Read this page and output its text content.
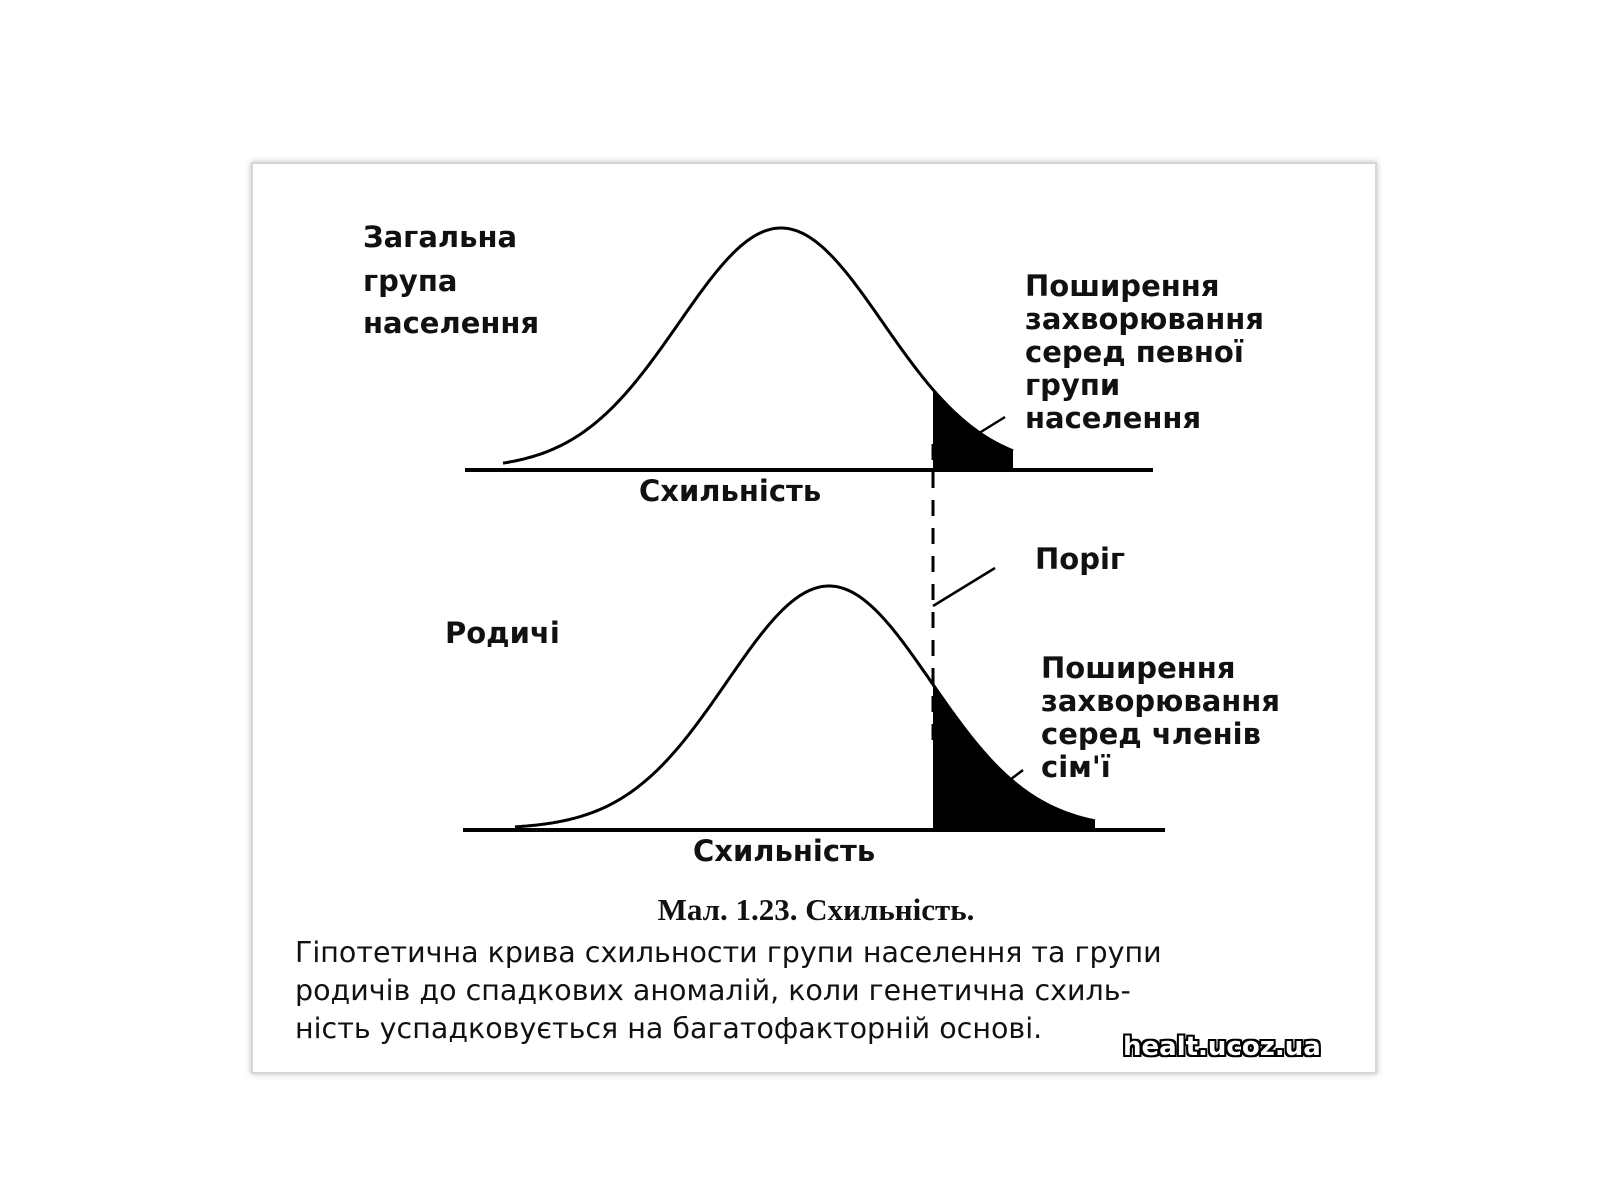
Загальна
група
населення
Поширення
захворювання
серед певної
групи
населення
Схильність
Поріг
Родичі
Поширення
захворювання
серед членів
сім'ї
Схильність

Мал. 1.23. Схильність.

Гіпотетична крива схильности групи населення та групи
родичів до спадкових аномалій, коли генетична схиль-
ність успадковується на багатофакторній основі.

healt.ucoz.ua
